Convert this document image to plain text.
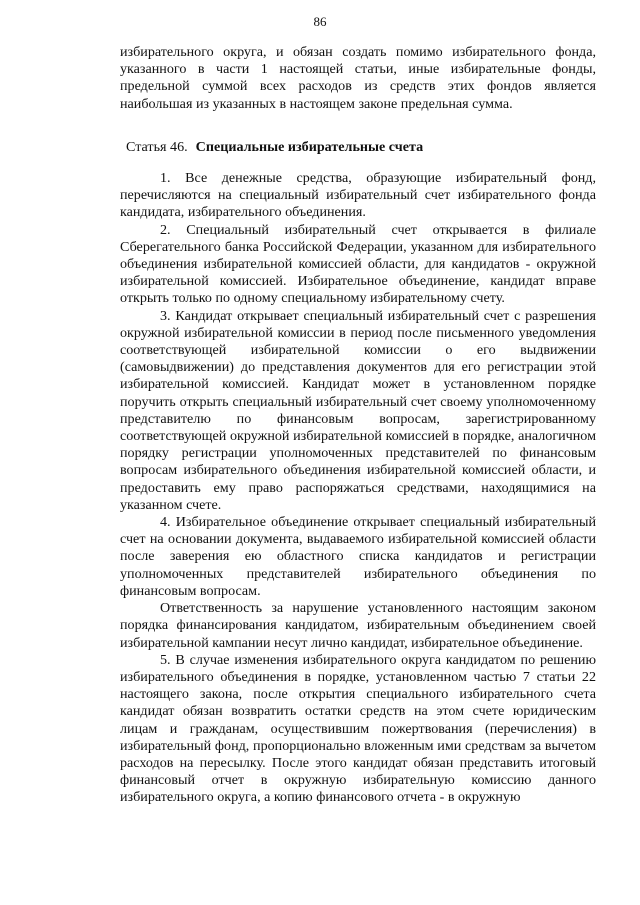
86

избирательного округа, и обязан создать помимо избирательного фонда, указанного в части 1 настоящей статьи, иные избирательные фонды, предельной суммой всех расходов из средств этих фондов является наибольшая из указанных в настоящем законе предельная сумма.

Статья 46. Специальные избирательные счета

1. Все денежные средства, образующие избирательный фонд, перечисляются на специальный избирательный счет избирательного фонда кандидата, избирательного объединения.

2. Специальный избирательный счет открывается в филиале Сберегательного банка Российской Федерации, указанном для избирательного объединения избирательной комиссией области, для кандидатов - окружной избирательной комиссией. Избирательное объединение, кандидат вправе открыть только по одному специальному избирательному счету.

3. Кандидат открывает специальный избирательный счет с разрешения окружной избирательной комиссии в период после письменного уведомления соответствующей избирательной комиссии о его выдвижении (самовыдвижении) до представления документов для его регистрации этой избирательной комиссией. Кандидат может в установленном порядке поручить открыть специальный избирательный счет своему уполномоченному представителю по финансовым вопросам, зарегистрированному соответствующей окружной избирательной комиссией в порядке, аналогичном порядку регистрации уполномоченных представителей по финансовым вопросам избирательного объединения избирательной комиссией области, и предоставить ему право распоряжаться средствами, находящимися на указанном счете.

4. Избирательное объединение открывает специальный избирательный счет на основании документа, выдаваемого избирательной комиссией области после заверения ею областного списка кандидатов и регистрации уполномоченных представителей избирательного объединения по финансовым вопросам.

Ответственность за нарушение установленного настоящим законом порядка финансирования кандидатом, избирательным объединением своей избирательной кампании несут лично кандидат, избирательное объединение.

5. В случае изменения избирательного округа кандидатом по решению избирательного объединения в порядке, установленном частью 7 статьи 22 настоящего закона, после открытия специального избирательного счета кандидат обязан возвратить остатки средств на этом счете юридическим лицам и гражданам, осуществившим пожертвования (перечисления) в избирательный фонд, пропорционально вложенным ими средствам за вычетом расходов на пересылку. После этого кандидат обязан представить итоговый финансовый отчет в окружную избирательную комиссию данного избирательного округа, а копию финансового отчета - в окружную
